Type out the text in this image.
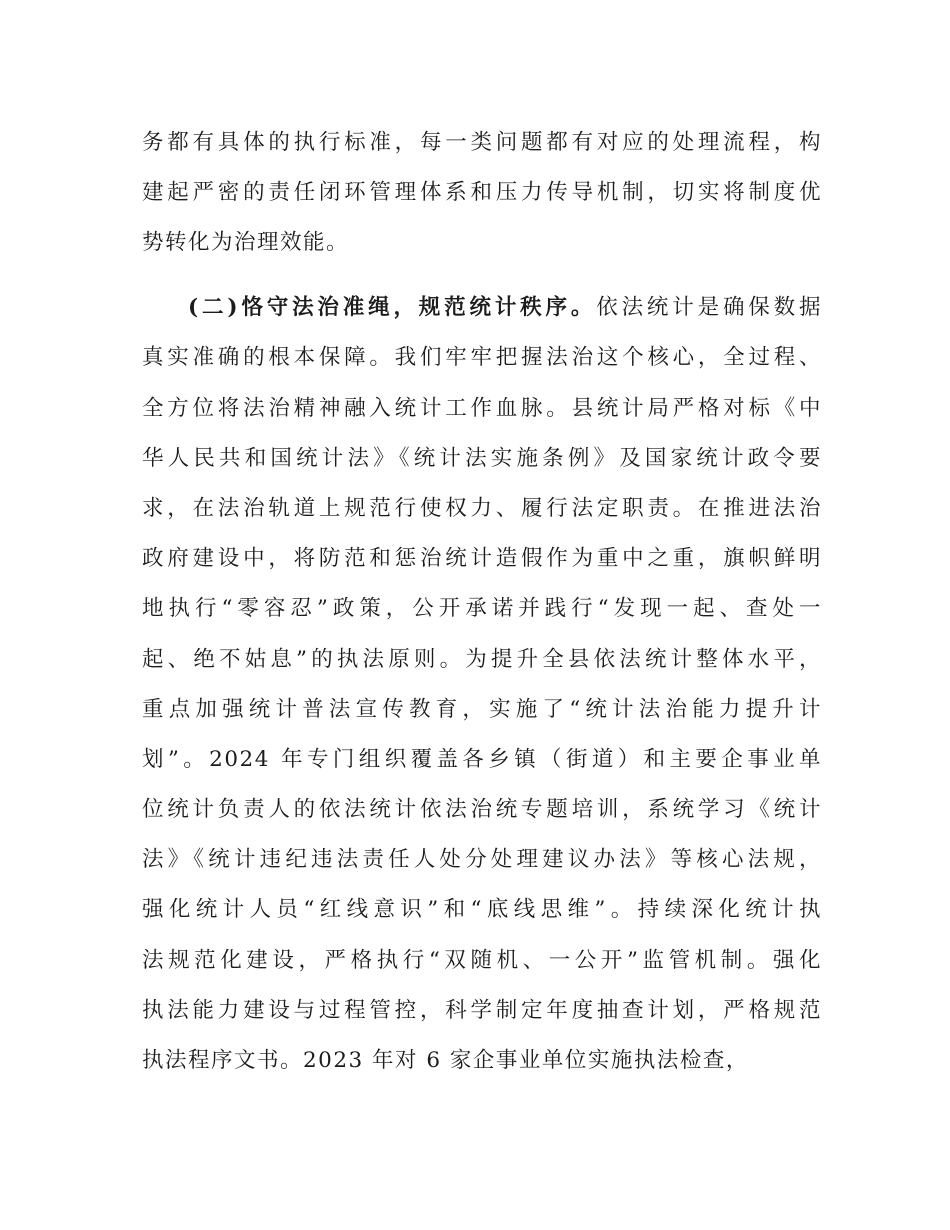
务都有具体的执行标准，每一类问题都有对应的处理流程，构
建起严密的责任闭环管理体系和压力传导机制，切实将制度优
势转化为治理效能。
(二)恪守法治准绳，规范统计秩序。依法统计是确保数据
真实准确的根本保障。我们牢牢把握法治这个核心，全过程、
全方位将法治精神融入统计工作血脉。县统计局严格对标《中
华人民共和国统计法》《统计法实施条例》及国家统计政令要
求，在法治轨道上规范行使权力、履行法定职责。在推进法治
政府建设中，将防范和惩治统计造假作为重中之重，旗帜鲜明
地执行“零容忍”政策，公开承诺并践行“发现一起、查处一
起、绝不姑息”的执法原则。为提升全县依法统计整体水平，
重点加强统计普法宣传教育，实施了“统计法治能力提升计
划”。2024 年专门组织覆盖各乡镇（街道）和主要企事业单
位统计负责人的依法统计依法治统专题培训，系统学习《统计
法》《统计违纪违法责任人处分处理建议办法》等核心法规，
强化统计人员“红线意识”和“底线思维”。持续深化统计执
法规范化建设，严格执行“双随机、一公开”监管机制。强化
执法能力建设与过程管控，科学制定年度抽查计划，严格规范
执法程序文书。2023 年对 6 家企事业单位实施执法检查，
